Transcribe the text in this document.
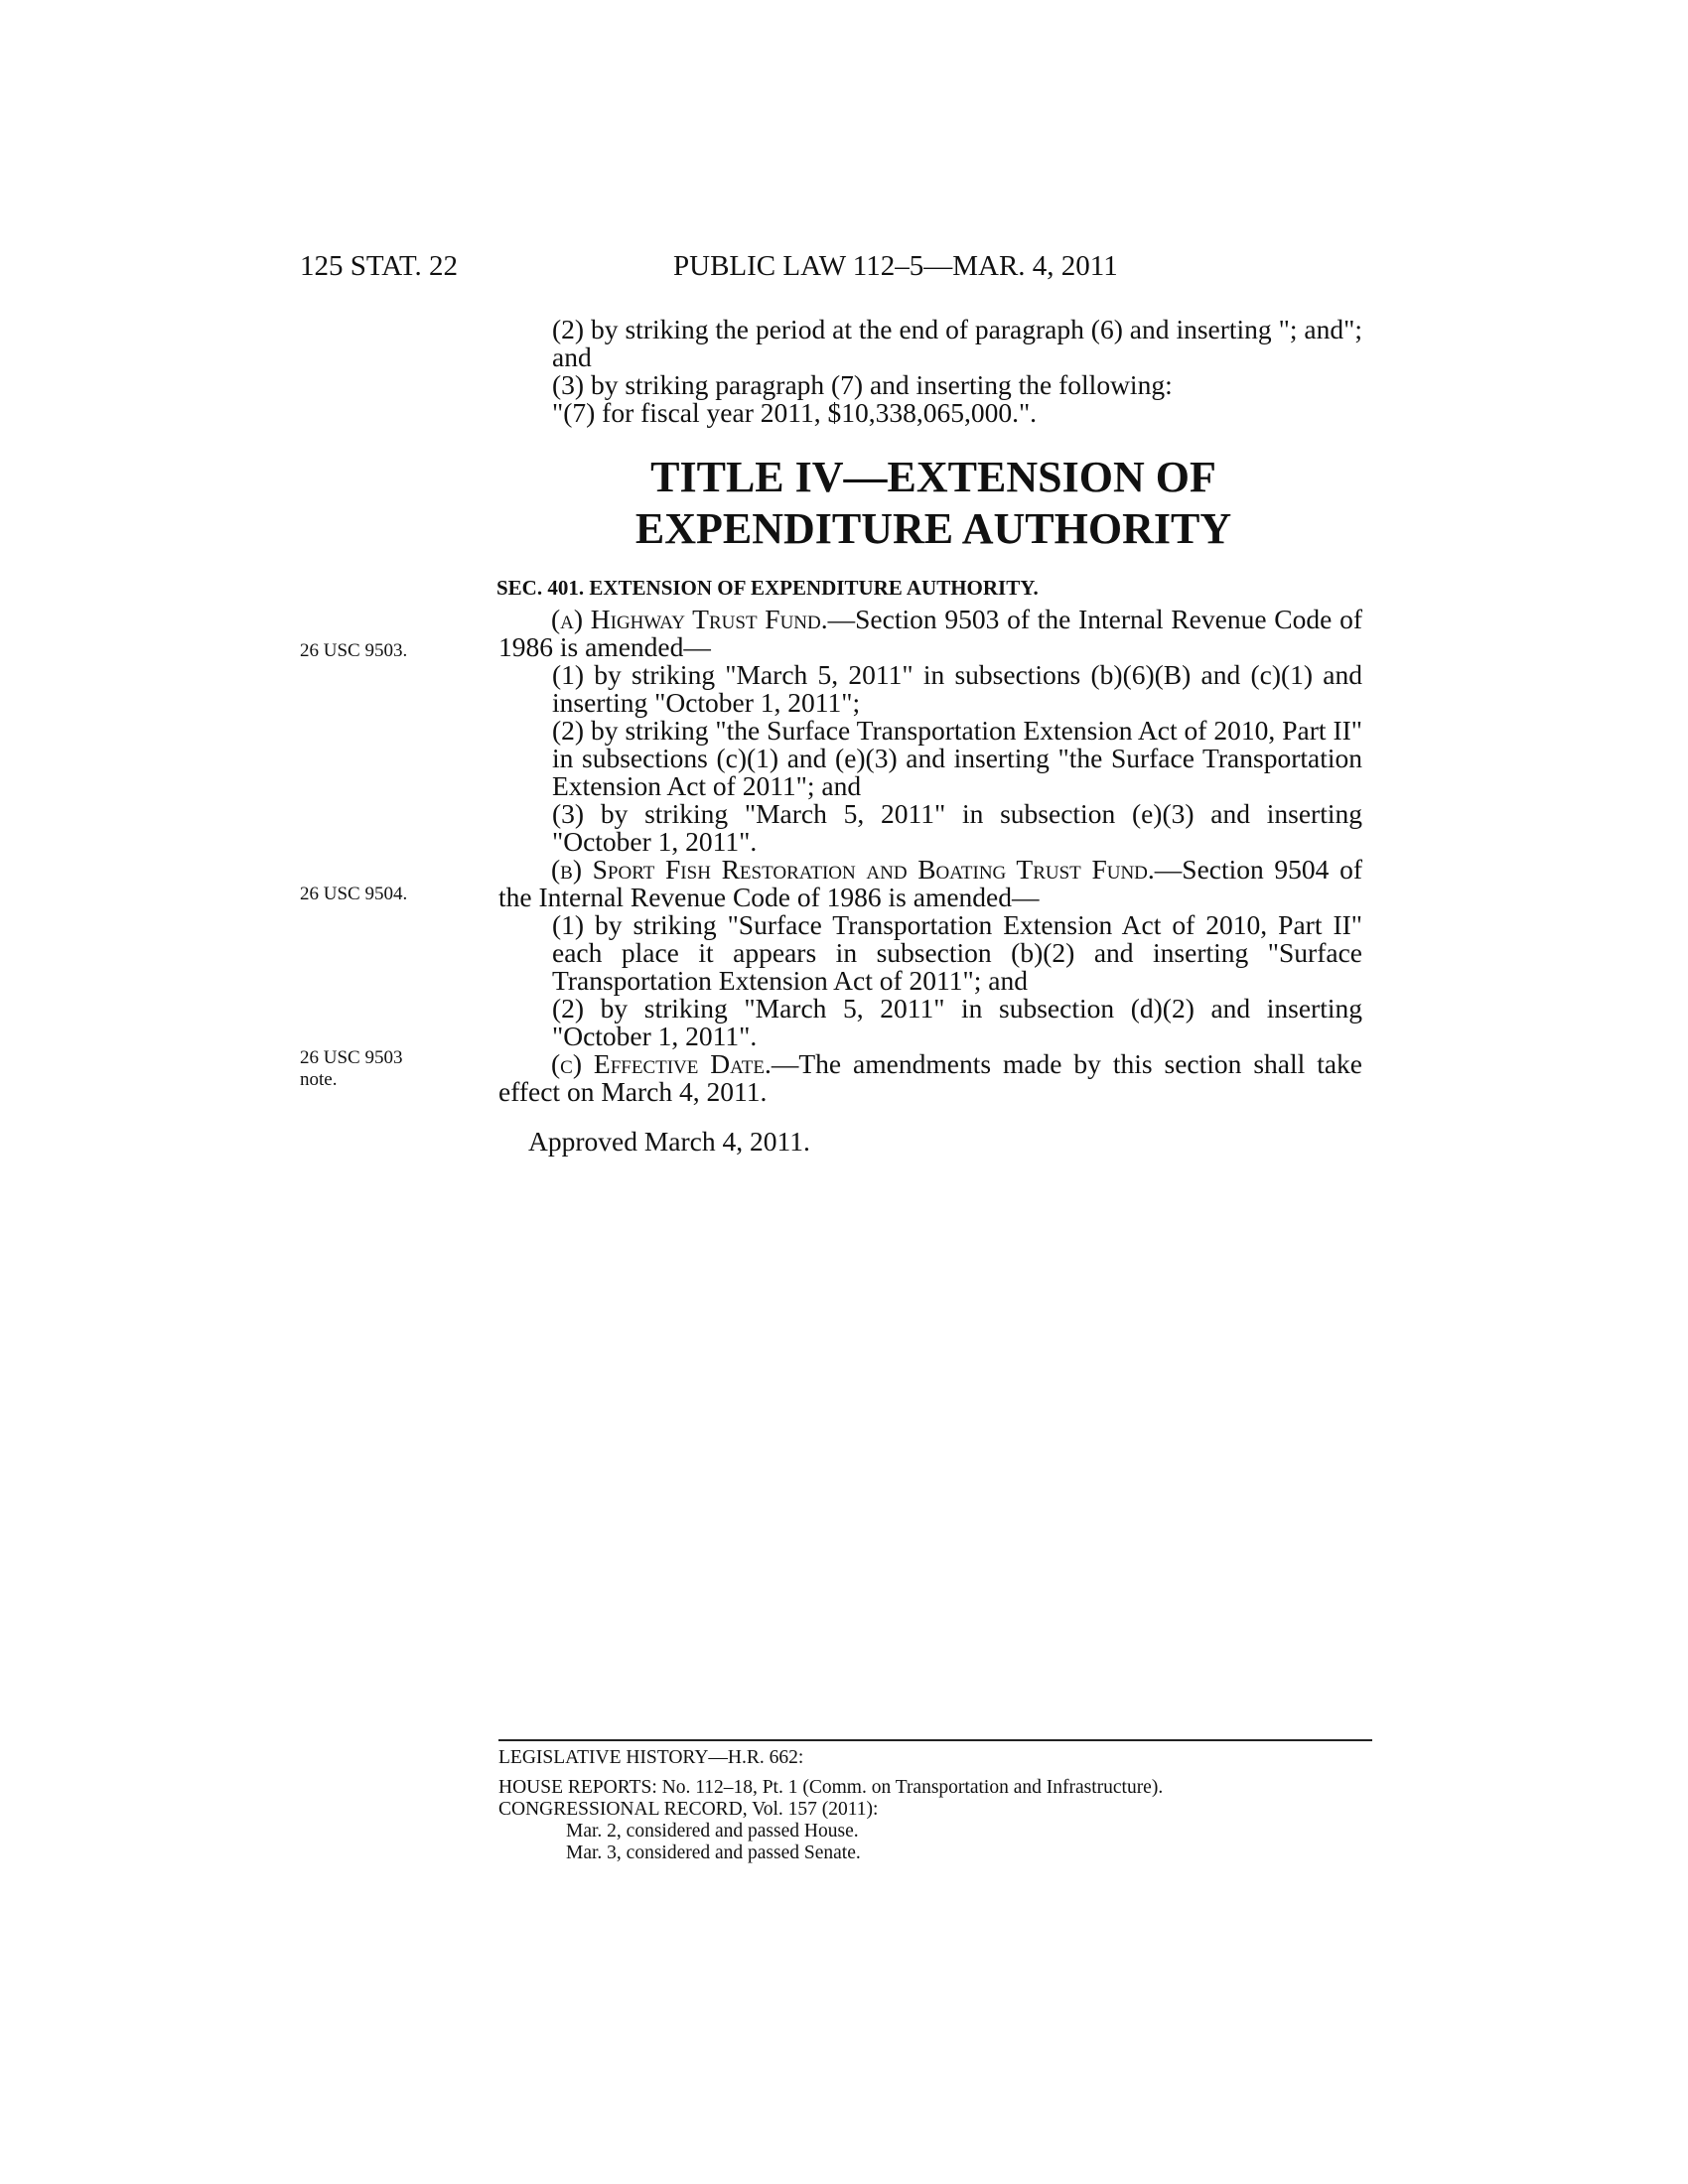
125 STAT. 22	PUBLIC LAW 112–5—MAR. 4, 2011

(2) by striking the period at the end of paragraph (6) and inserting "; and"; and

(3) by striking paragraph (7) and inserting the following:

"(7) for fiscal year 2011, $10,338,065,000.".

TITLE IV—EXTENSION OF
EXPENDITURE AUTHORITY
SEC. 401. EXTENSION OF EXPENDITURE AUTHORITY.
26 USC 9503.
26 USC 9504.
26 USC 9503
note.

(a) Highway Trust Fund.—Section 9503 of the Internal Revenue Code of 1986 is amended—

(1) by striking "March 5, 2011" in subsections (b)(6)(B) and (c)(1) and inserting "October 1, 2011";

(2) by striking "the Surface Transportation Extension Act of 2010, Part II" in subsections (c)(1) and (e)(3) and inserting "the Surface Transportation Extension Act of 2011"; and

(3) by striking "March 5, 2011" in subsection (e)(3) and inserting "October 1, 2011".

(b) Sport Fish Restoration and Boating Trust Fund.—Section 9504 of the Internal Revenue Code of 1986 is amended—

(1) by striking "Surface Transportation Extension Act of 2010, Part II" each place it appears in subsection (b)(2) and inserting "Surface Transportation Extension Act of 2011"; and

(2) by striking "March 5, 2011" in subsection (d)(2) and inserting "October 1, 2011".

(c) Effective Date.—The amendments made by this section shall take effect on March 4, 2011.

Approved March 4, 2011.

LEGISLATIVE HISTORY—H.R. 662:

HOUSE REPORTS: No. 112–18, Pt. 1 (Comm. on Transportation and Infrastructure).

CONGRESSIONAL RECORD, Vol. 157 (2011):

Mar. 2, considered and passed House.

Mar. 3, considered and passed Senate.
